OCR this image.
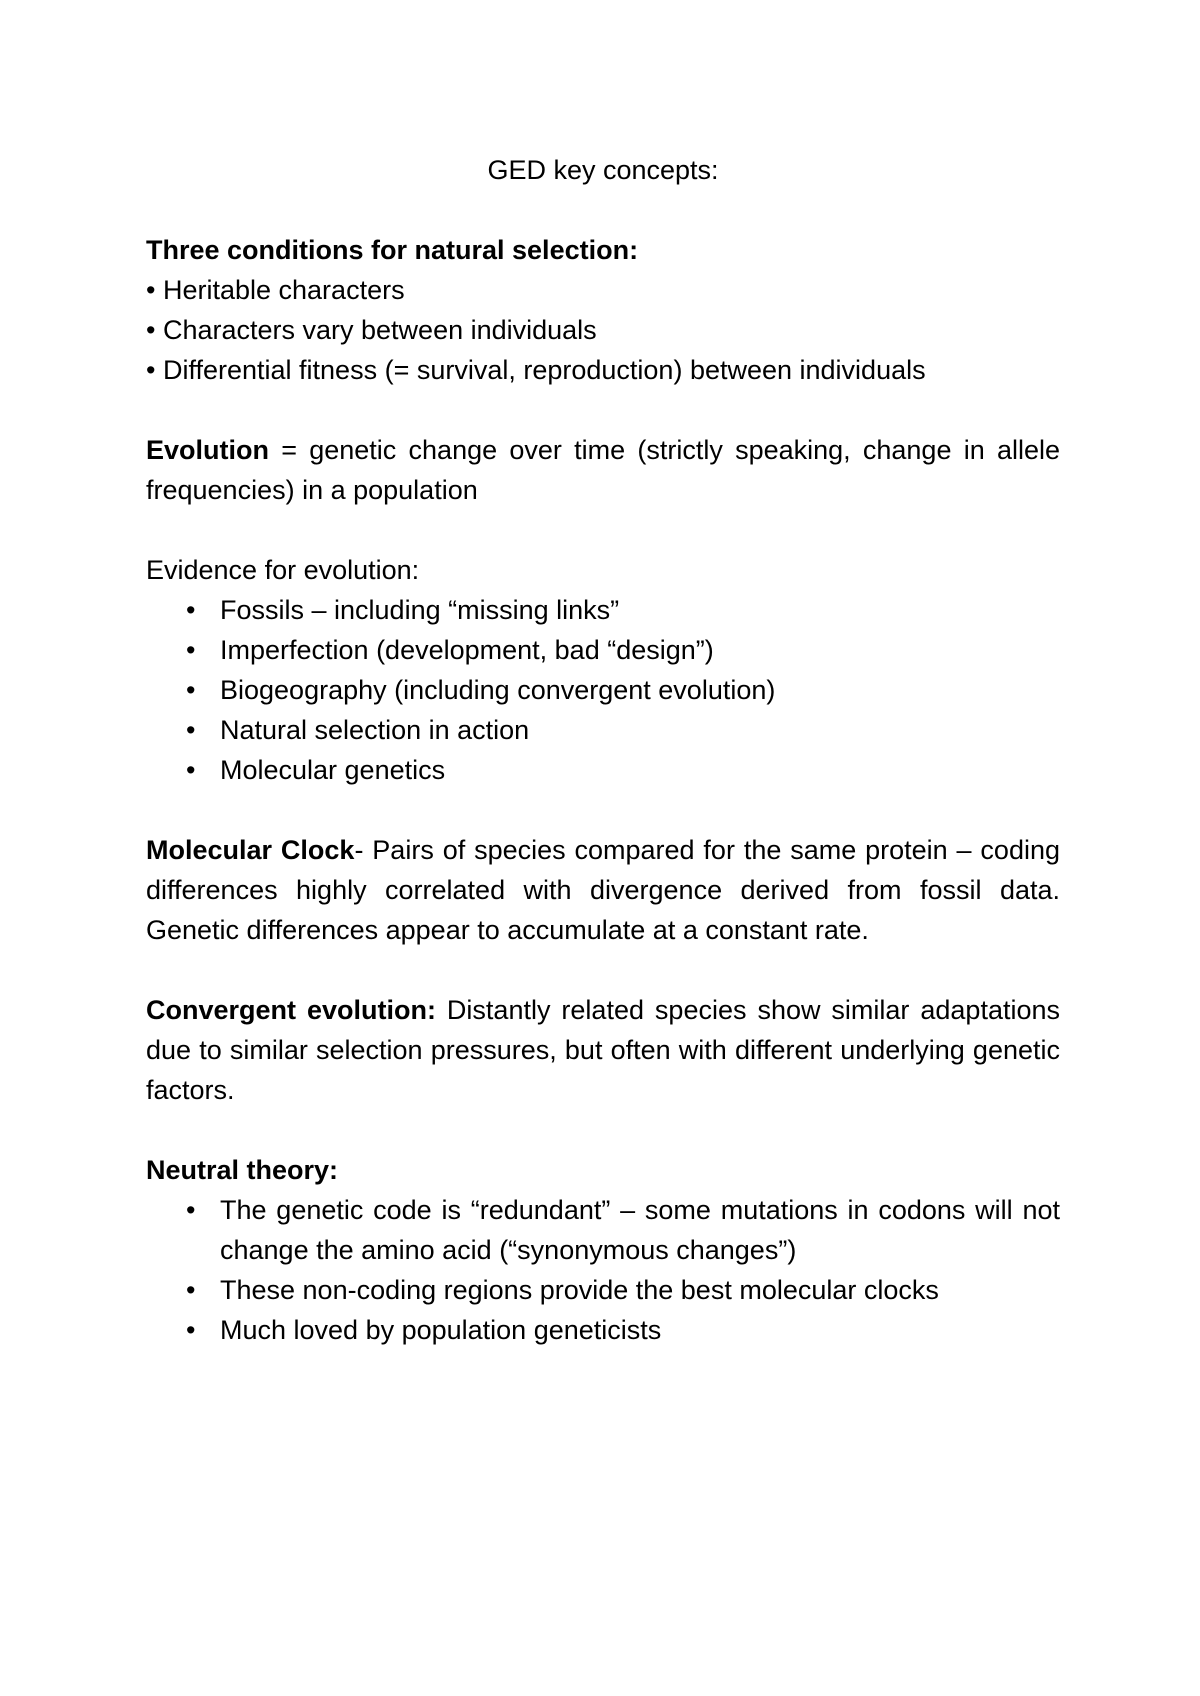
GED key concepts:

Three conditions for natural selection:

• Heritable characters

• Characters vary between individuals

• Differential fitness (= survival, reproduction) between individuals

Evolution = genetic change over time (strictly speaking, change in allele frequencies) in a population

Evidence for evolution:

• Fossils – including “missing links”
• Imperfection (development, bad “design”)
• Biogeography (including convergent evolution)
• Natural selection in action
• Molecular genetics
Molecular Clock- Pairs of species compared for the same protein – coding differences highly correlated with divergence derived from fossil data. Genetic differences appear to accumulate at a constant rate.
Convergent evolution: Distantly related species show similar adaptations due to similar selection pressures, but often with different underlying genetic factors.

Neutral theory:

• The genetic code is “redundant” – some mutations in codons will not change the amino acid (“synonymous changes”)
• These non-coding regions provide the best molecular clocks
• Much loved by population geneticists
